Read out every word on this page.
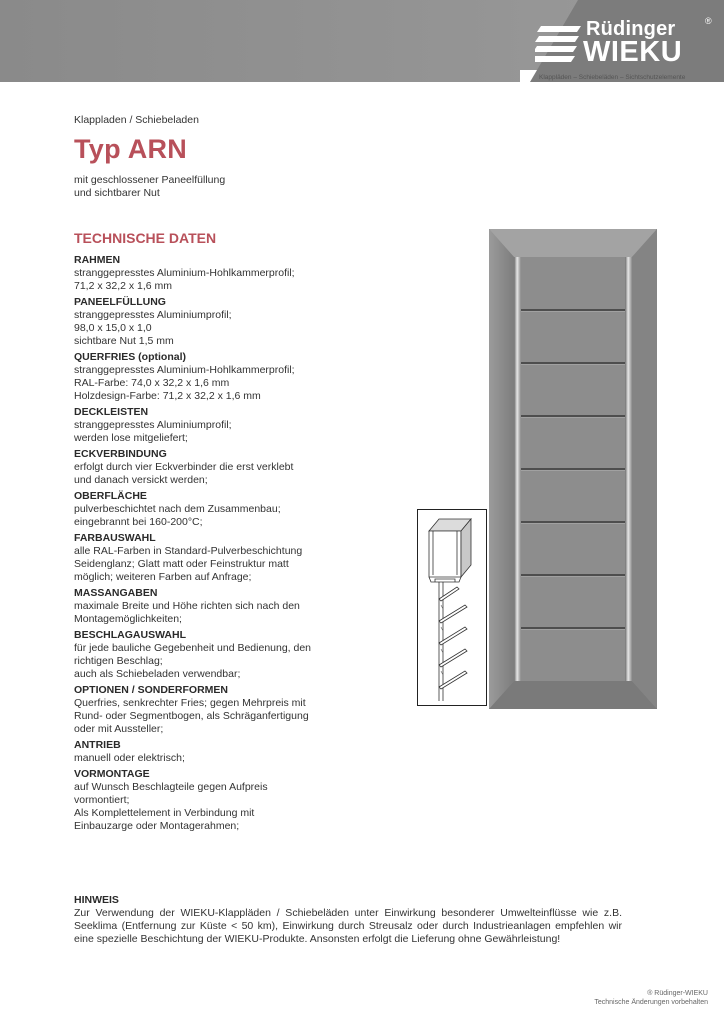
Rüdinger	®
WIEKU
Klappläden – Schiebeläden – Sichtschutzelemente
Klappladen / Schiebeladen
Typ ARN
mit geschlossener Paneelfüllung
und sichtbarer Nut
TECHNISCHE DATEN
RAHMEN
stranggepresstes Aluminium-Hohlkammerprofil;
71,2 x 32,2 x 1,6 mm
PANEELFÜLLUNG
stranggepresstes Aluminiumprofil;
98,0 x 15,0 x 1,0
sichtbare Nut 1,5 mm
QUERFRIES (optional)
stranggepresstes Aluminium-Hohlkammerprofil;
RAL-Farbe: 74,0 x 32,2 x 1,6 mm
Holzdesign-Farbe: 71,2 x 32,2 x 1,6 mm
DECKLEISTEN
stranggepresstes Aluminiumprofil;
werden lose mitgeliefert;
ECKVERBINDUNG
erfolgt durch vier Eckverbinder die erst verklebt
und danach versickt werden;
OBERFLÄCHE
pulverbeschichtet nach dem Zusammenbau;
eingebrannt bei 160-200°C;
FARBAUSWAHL
alle RAL-Farben in Standard-Pulverbeschichtung
Seidenglanz; Glatt matt oder Feinstruktur matt
möglich; weiteren Farben auf Anfrage;
MASSANGABEN
maximale Breite und Höhe richten sich nach den
Montagemöglichkeiten;
BESCHLAGAUSWAHL
für jede bauliche Gegebenheit und Bedienung, den
richtigen Beschlag;
auch als Schiebeladen verwendbar;
OPTIONEN / SONDERFORMEN
Querfries, senkrechter Fries; gegen Mehrpreis mit
Rund- oder Segmentbogen, als Schräganfertigung
oder mit Aussteller;
ANTRIEB
manuell oder elektrisch;
VORMONTAGE
auf Wunsch Beschlagteile gegen Aufpreis
vormontiert;
Als Komplettelement in Verbindung mit
Einbauzarge oder Montagerahmen;
HINWEIS
Zur Verwendung der WIEKU-Klappläden / Schiebeläden unter Einwirkung besonderer Umwelteinflüsse wie z.B. Seeklima (Entfernung zur Küste < 50 km), Einwirkung durch Streusalz oder durch Industrieanlagen empfehlen wir eine spezielle Beschichtung der WIEKU-Produkte. Ansonsten erfolgt die Lieferung ohne Gewährleistung!
® Rüdinger-WIEKU
Technische Änderungen vorbehalten
